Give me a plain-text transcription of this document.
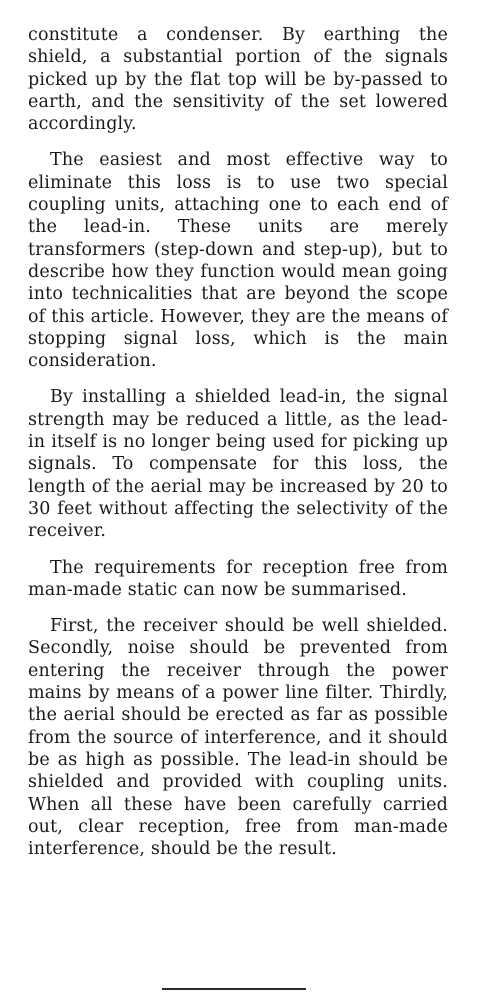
constitute a condenser. By earthing the shield, a substantial portion of the signals picked up by the flat top will be by-passed to earth, and the sensitivity of the set lowered accordingly.

The easiest and most effective way to eliminate this loss is to use two special coupling units, attaching one to each end of the lead-in. These units are merely transformers (step-down and step-up), but to describe how they function would mean going into technicalities that are beyond the scope of this article. However, they are the means of stopping signal loss, which is the main consideration.

By installing a shielded lead-in, the signal strength may be reduced a little, as the lead-in itself is no longer being used for picking up signals. To compensate for this loss, the length of the aerial may be increased by 20 to 30 feet without affecting the selectivity of the receiver.

The requirements for reception free from man-made static can now be summarised.

First, the receiver should be well shielded. Secondly, noise should be prevented from entering the receiver through the power mains by means of a power line filter. Thirdly, the aerial should be erected as far as possible from the source of interference, and it should be as high as possible. The lead-in should be shielded and provided with coupling units. When all these have been carefully carried out, clear reception, free from man-made interference, should be the result.
